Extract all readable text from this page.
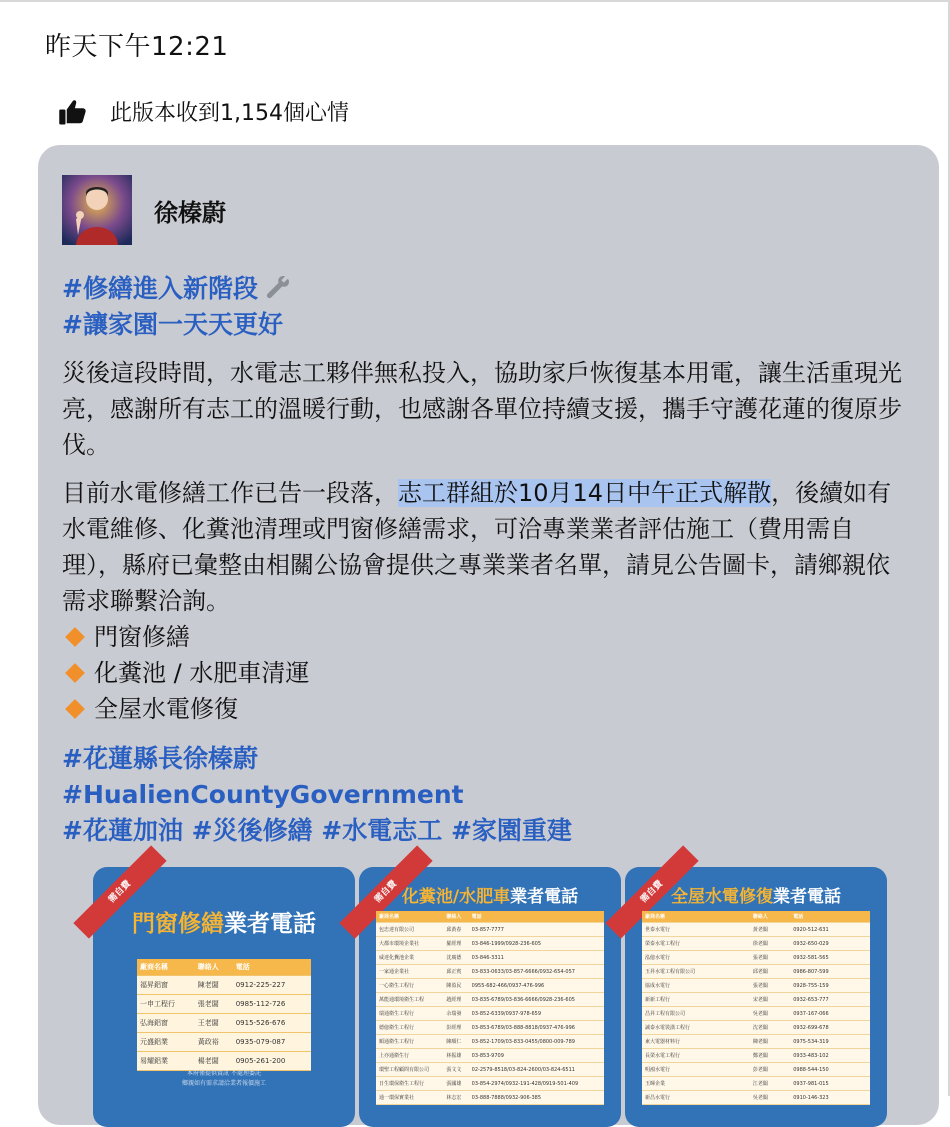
昨天下午12:21
此版本收到1,154個心情
徐榛蔚
#修繕進入新階段
#讓家園一天天更好
災後這段時間，水電志工夥伴無私投入，協助家戶恢復基本用電，讓生活重現光亮，感謝所有志工的溫暖行動，也感謝各單位持續支援，攜手守護花蓮的復原步伐。
目前水電修繕工作已告一段落，志工群組於10月14日中午正式解散，後續如有水電維修、化糞池清理或門窗修繕需求，可洽專業業者評估施工（費用需自理），縣府已彙整由相關公協會提供之專業業者名單，請見公告圖卡，請鄉親依需求聯繫洽詢。
門窗修繕
化糞池 / 水肥車清運
全屋水電修復
#花蓮縣長徐榛蔚
#HualienCountyGovernment
#花蓮加油 #災後修繕 #水電志工 #家園重建
需自費
門窗修繕業者電話
廠商名稱	聯絡人	電話
福昇鋁窗	陳老闆	0912-225-227
一申工程行	張老闆	0985-112-726
弘海鋁窗	王老闆	0915-526-676
元盛鋁業	黃政裕	0935-079-087
易耀鋁業	楊老闆	0905-261-200
本府僅提供資訊 不處理委託
鄉親如有需求請洽業者報價施工
需自費 化糞池/水肥車業者電話
廠商名稱	聯絡人	電話
包忠達有限公司	邱黃春	03-857-7777
大都市環境企業社	羅經理	03-846-1999/0928-236-605
威達化糞池企業	沈廣德	03-846-3311
一家通企業社	邱正賓	03-833-0633/03-857-6666/0932-654-057
一心衛生工程行	陳盈民	0955-682-466/0937-476-996
萬能通環境衛生工程	趙經理	03-835-6789/03-836-6666/0928-236-605
瑞通衛生工程行	余瑞發	03-852-6339/0937-978-659
德億衛生工程行	彭經理	03-853-6789/03-888-8818/0937-476-996
順通衛生工程行	陳順仁	03-852-1709/03-833-0455/0800-009-789
上亦通衛生行	林振雄	03-853-9709
環聖工程顧問有限公司	張文文	02-2579-8518/03-824-2600/03-824-6511
日生環保衛生工程行	張國雄	03-854-2974/0932-191-428/0919-501-409
通一環保實業社	林志宏	03-888-7888/0932-906-385
需自費 全屋水電修復業者電話
廠商名稱	聯絡人	電話
世泰水電行	黃老闆	0920-512-631
榮泰水電工程行	徐老闆	0932-650-029
泓億水電行	張老闆	0932-581-565
玉昇水電工程有限公司	邱老闆	0986-807-599
協成水電行	張老闆	0928-755-159
新新工程行	宋老闆	0932-653-777
昌昇工程有限公司	吳老闆	0937-167-066
誠泰水電裝潢工程行	沈老闆	0932-699-678
東大電器材料行	陳老闆	0975-534-319
長榮水電工程行	鄭老闆	0933-483-102
明鴻水電行	彭老闆	0988-544-150
玉暉企業	江老闆	0937-981-015
新昌水電行	吳老闆	0910-146-323
